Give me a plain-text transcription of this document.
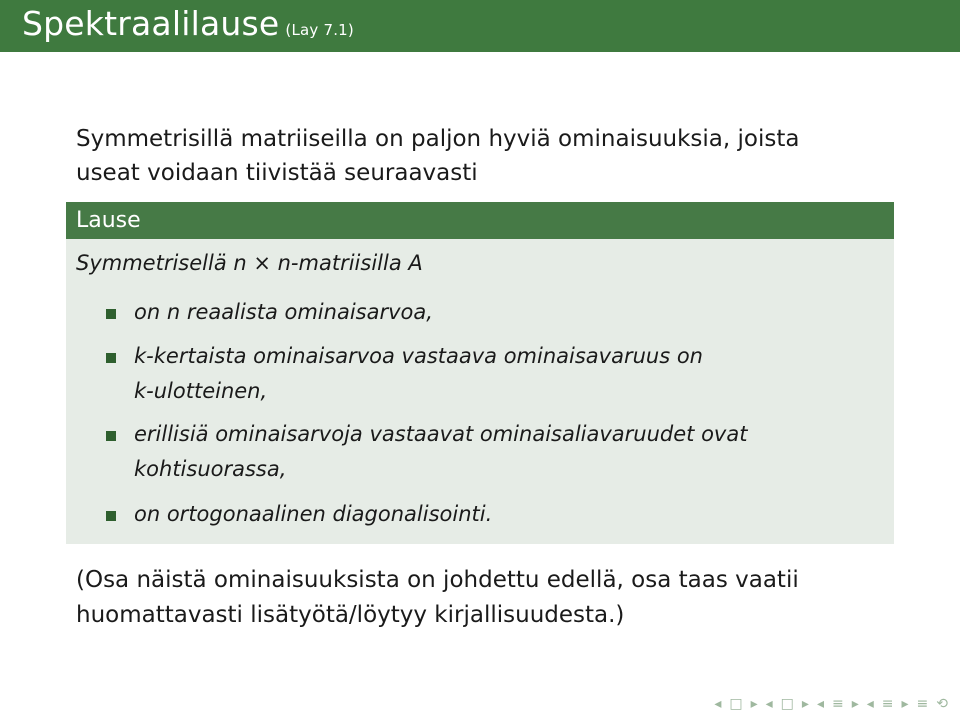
Spektraalilause (Lay 7.1)
Symmetrisillä matriiseilla on paljon hyviä ominaisuuksia, joista
useat voidaan tiivistää seuraavasti
Lause
Symmetrisellä n × n-matriisilla A
on n reaalista ominaisarvoa,
k-kertaista ominaisarvoa vastaava ominaisavaruus on
k-ulotteinen,
erillisiä ominaisarvoja vastaavat ominaisaliavaruudet ovat
kohtisuorassa,
on ortogonaalinen diagonalisointi.
(Osa näistä ominaisuuksista on johdettu edellä, osa taas vaatii
huomattavasti lisätyötä/löytyy kirjallisuudesta.)
◂ □ ▸ ◂ □ ▸ ◂ ≡ ▸ ◂ ≡ ▸ ≡ ⟲
